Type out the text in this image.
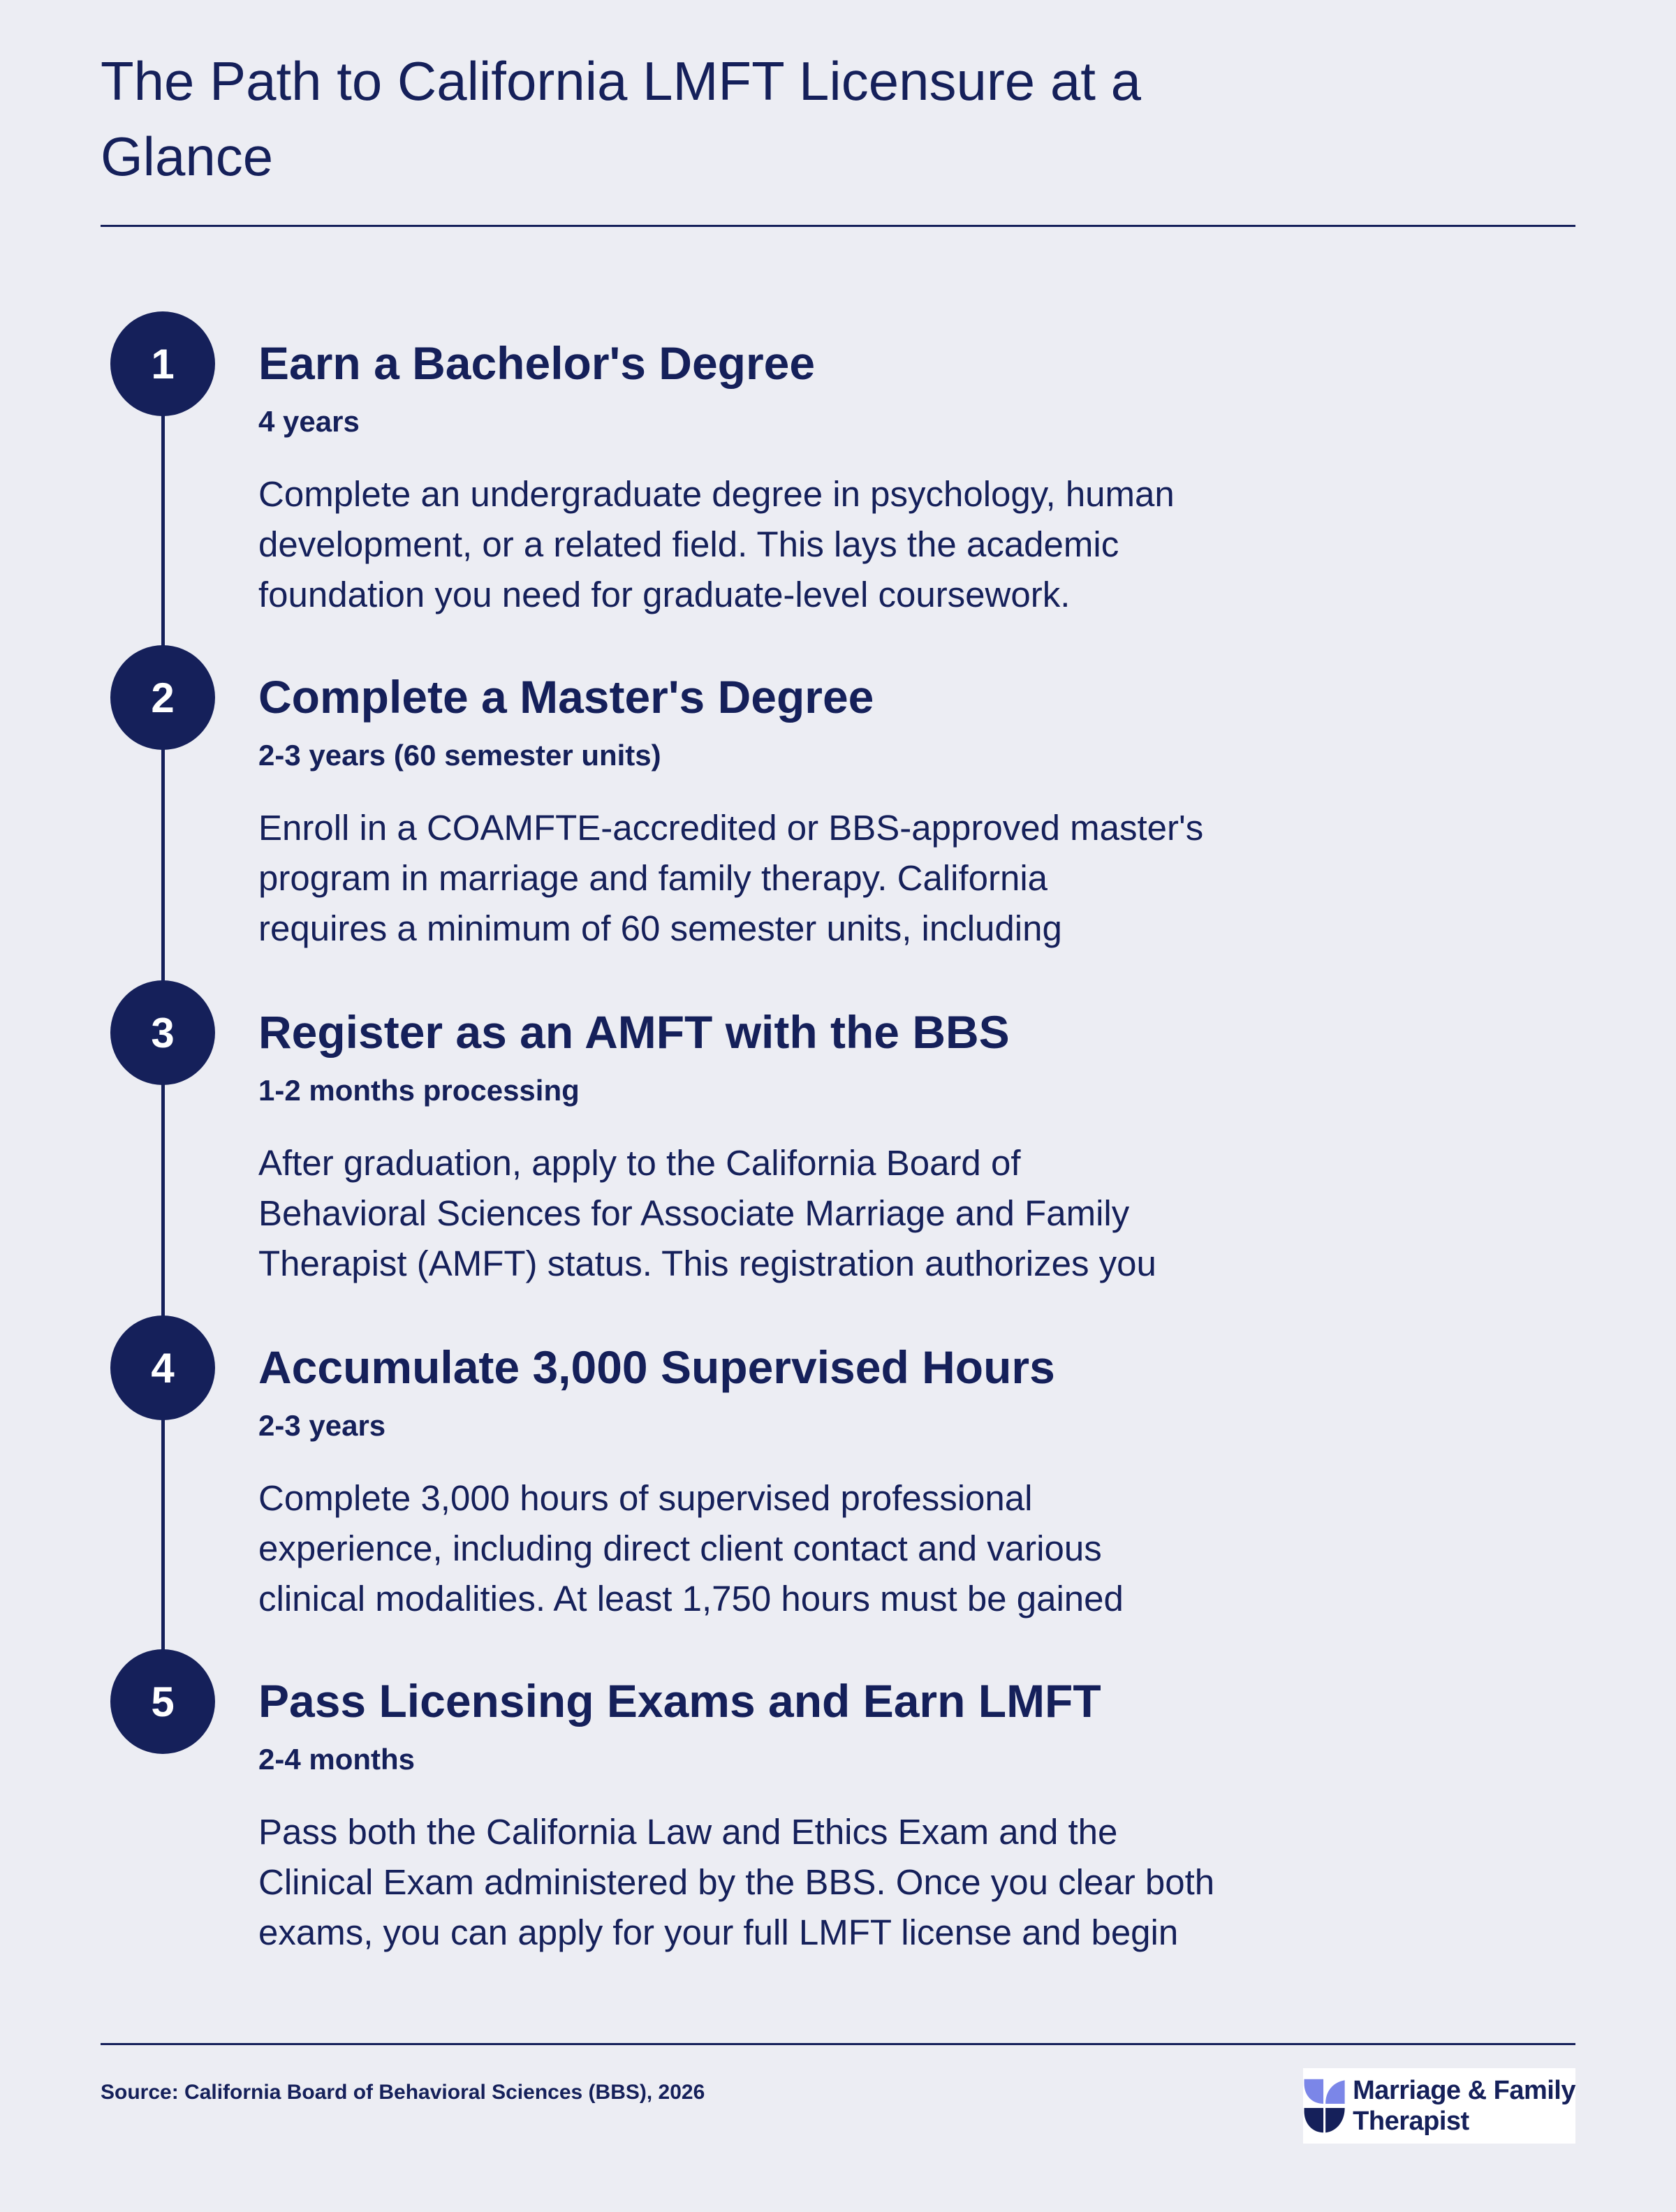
The Path to California LMFT Licensure at a Glance
1	Earn a Bachelor's Degree
4 years
Complete an undergraduate degree in psychology, human
development, or a related field. This lays the academic
foundation you need for graduate-level coursework.
2	Complete a Master's Degree
2-3 years (60 semester units)
Enroll in a COAMFTE-accredited or BBS-approved master's
program in marriage and family therapy. California
requires a minimum of 60 semester units, including
3	Register as an AMFT with the BBS
1-2 months processing
After graduation, apply to the California Board of
Behavioral Sciences for Associate Marriage and Family
Therapist (AMFT) status. This registration authorizes you
4	Accumulate 3,000 Supervised Hours
2-3 years
Complete 3,000 hours of supervised professional
experience, including direct client contact and various
clinical modalities. At least 1,750 hours must be gained
5	Pass Licensing Exams and Earn LMFT
2-4 months
Pass both the California Law and Ethics Exam and the
Clinical Exam administered by the BBS. Once you clear both
exams, you can apply for your full LMFT license and begin
Source: California Board of Behavioral Sciences (BBS), 2026	Marriage & Family
Therapist
